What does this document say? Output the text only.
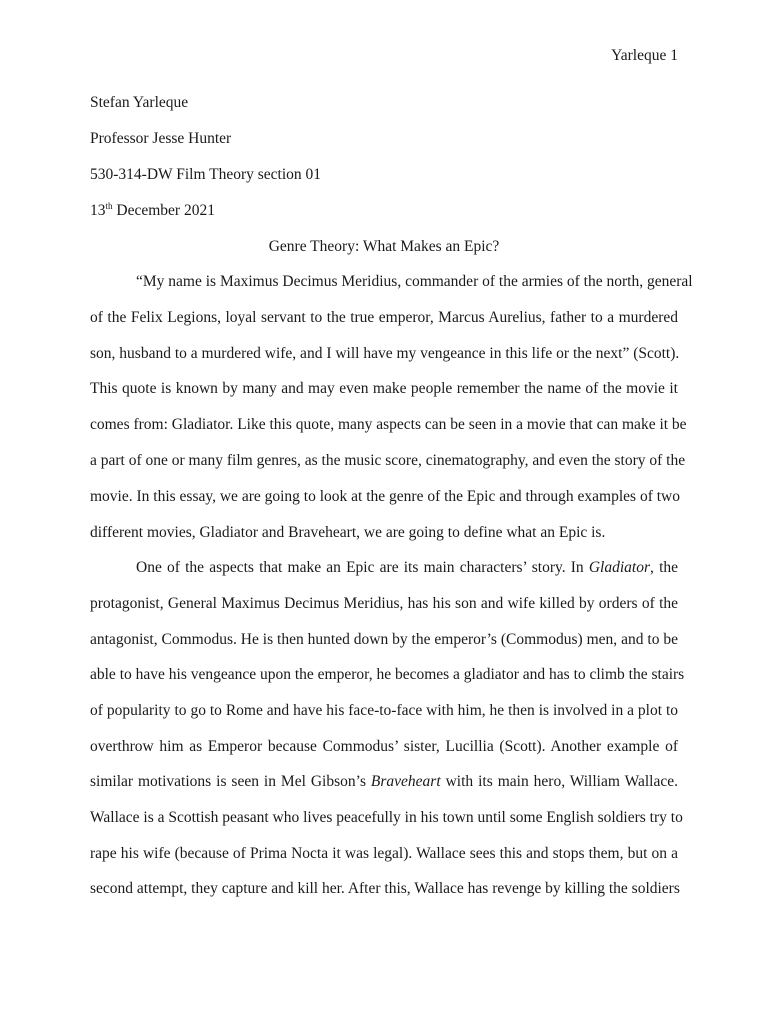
Yarleque 1
Stefan Yarleque
Professor Jesse Hunter
530-314-DW Film Theory section 01
13th December 2021
Genre Theory: What Makes an Epic?
“My name is Maximus Decimus Meridius, commander of the armies of the north, general
of the Felix Legions, loyal servant to the true emperor, Marcus Aurelius, father to a murdered
son, husband to a murdered wife, and I will have my vengeance in this life or the next” (Scott).
This quote is known by many and may even make people remember the name of the movie it
comes from: Gladiator. Like this quote, many aspects can be seen in a movie that can make it be
a part of one or many film genres, as the music score, cinematography, and even the story of the
movie. In this essay, we are going to look at the genre of the Epic and through examples of two
different movies, Gladiator and Braveheart, we are going to define what an Epic is.
One of the aspects that make an Epic are its main characters’ story. In Gladiator, the
protagonist, General Maximus Decimus Meridius, has his son and wife killed by orders of the
antagonist, Commodus. He is then hunted down by the emperor’s (Commodus) men, and to be
able to have his vengeance upon the emperor, he becomes a gladiator and has to climb the stairs
of popularity to go to Rome and have his face-to-face with him, he then is involved in a plot to
overthrow him as Emperor because Commodus’ sister, Lucillia (Scott). Another example of
similar motivations is seen in Mel Gibson’s Braveheart with its main hero, William Wallace.
Wallace is a Scottish peasant who lives peacefully in his town until some English soldiers try to
rape his wife (because of Prima Nocta it was legal). Wallace sees this and stops them, but on a
second attempt, they capture and kill her. After this, Wallace has revenge by killing the soldiers
